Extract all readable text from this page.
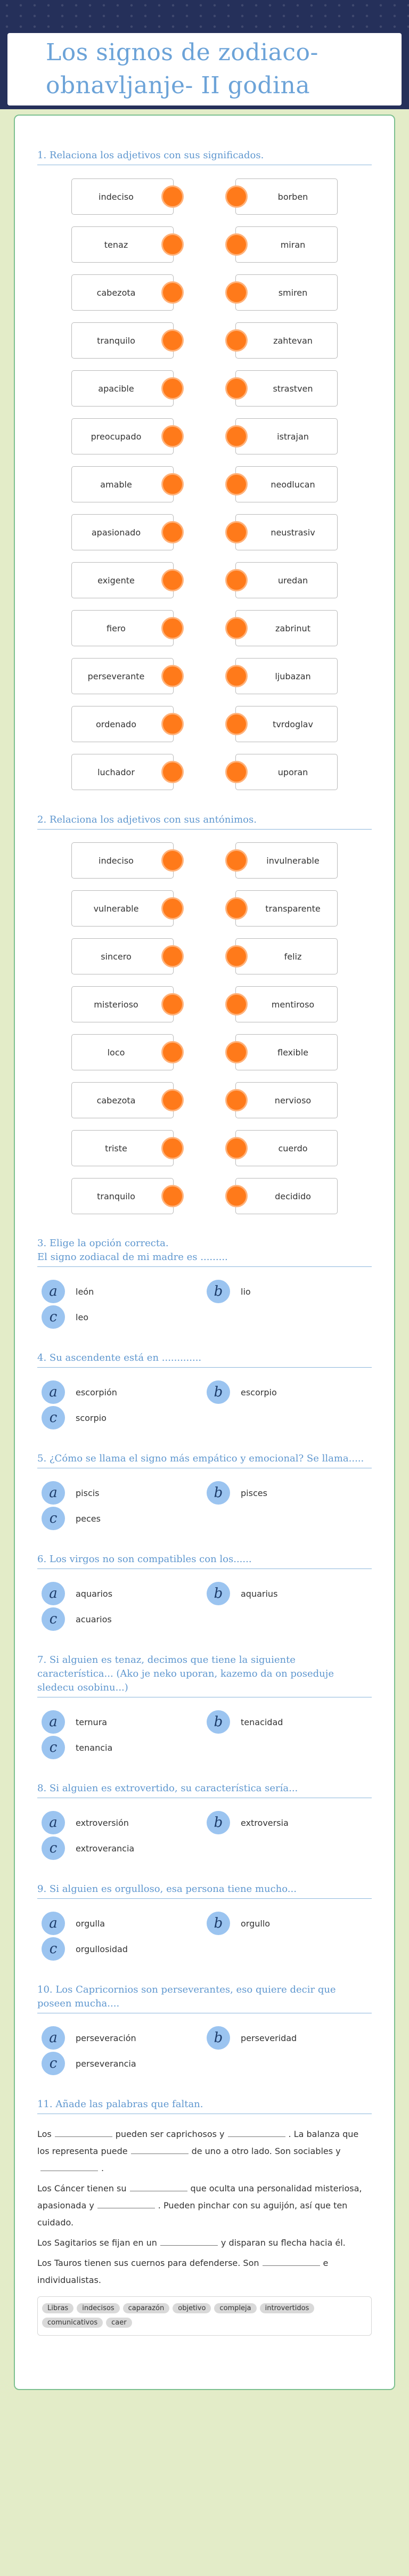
Los signos de zodiaco-obnavljanje- II godina
1. Relaciona los adjetivos con sus significados.
indeciso	borben
tenaz	miran
cabezota	smiren
tranquilo	zahtevan
apacible	strastven
preocupado	istrajan
amable	neodlucan
apasionado	neustrasiv
exigente	uredan
fiero	zabrinut
perseverante	ljubazan
ordenado	tvrdoglav
luchador	uporan
2. Relaciona los adjetivos con sus antónimos.
indeciso	invulnerable
vulnerable	transparente
sincero	feliz
misterioso	mentiroso
loco	flexible
cabezota	nervioso
triste	cuerdo
tranquilo	decidido
3. Elige la opción correcta.
El signo zodiacal de mi madre es .........
a	león	b	lio
c	leo
4. Su ascendente está en .............
a	escorpión	b	escorpio
c	scorpio
5. ¿Cómo se llama el signo más empático y emocional? Se llama.....
a	piscis	b	pisces
c	peces
6. Los virgos no son compatibles con los......
a	aquarios	b	aquarius
c	acuarios
7. Si alguien es tenaz, decimos que tiene la siguiente característica... (Ako je neko uporan, kazemo da on poseduje sledecu osobinu...)
a	ternura	b	tenacidad
c	tenancia
8. Si alguien es extrovertido, su característica sería...
a	extroversión	b	extroversia
c	extroverancia
9. Si alguien es orgulloso, esa persona tiene mucho...
a	orgulla	b	orgullo
c	orgullosidad
10. Los Capricornios son perseverantes, eso quiere decir que poseen mucha....
a	perseveración	b	perseveridad
c	perseverancia
11. Añade las palabras que faltan.

Los	pueden ser caprichosos y	. La balanza que los representa puede	de uno a otro lado. Son sociables y.

Los Cáncer tienen su	que oculta una personalidad misteriosa, apasionada y	. Pueden pinchar con su aguijón, así que ten cuidado.

Los Sagitarios se fijan en un	y disparan su flecha hacia él.

Los Tauros tienen sus cuernos para defenderse. Son	e individualistas.

Libras	indecisos	caparazón	objetivo	compleja	introvertidos
comunicativos	caer
